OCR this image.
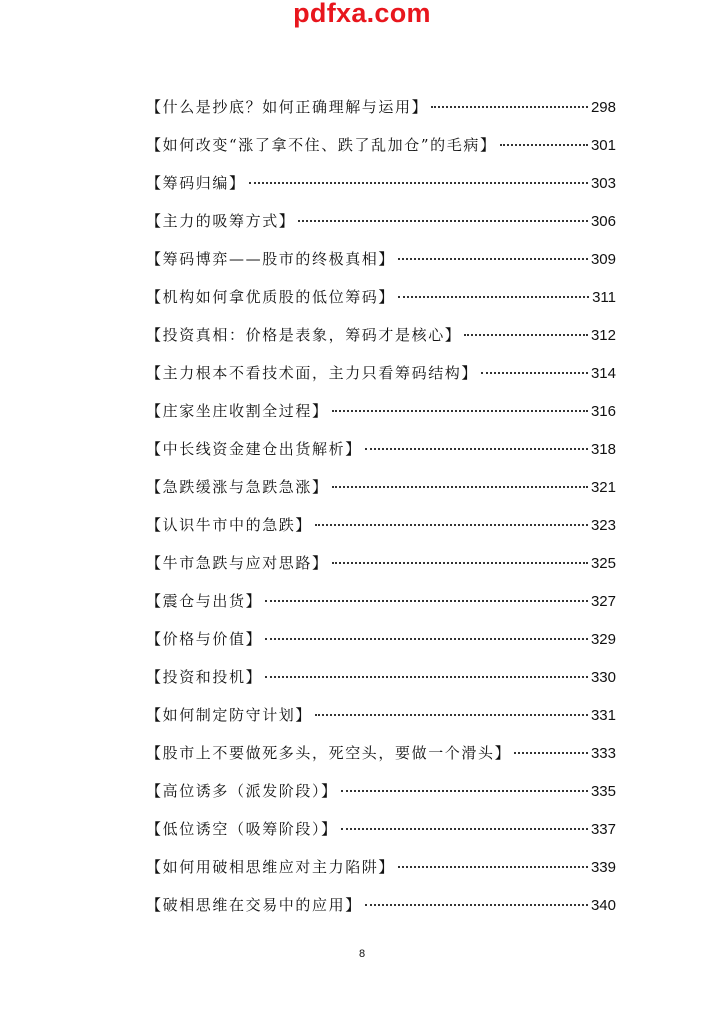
pdfxa.com
【什么是抄底？如何正确理解与运用】	298
【如何改变“涨了拿不住、跌了乱加仓”的毛病】	301
【筹码归编】	303
【主力的吸筹方式】	306
【筹码博弈——股市的终极真相】	309
【机构如何拿优质股的低位筹码】	311
【投资真相：价格是表象，筹码才是核心】	312
【主力根本不看技术面，主力只看筹码结构】	314
【庄家坐庄收割全过程】	316
【中长线资金建仓出货解析】	318
【急跌缓涨与急跌急涨】	321
【认识牛市中的急跌】	323
【牛市急跌与应对思路】	325
【震仓与出货】	327
【价格与价值】	329
【投资和投机】	330
【如何制定防守计划】	331
【股市上不要做死多头，死空头，要做一个滑头】	333
【高位诱多（派发阶段）】	335
【低位诱空（吸筹阶段）】	337
【如何用破相思维应对主力陷阱】	339
【破相思维在交易中的应用】	340
8
